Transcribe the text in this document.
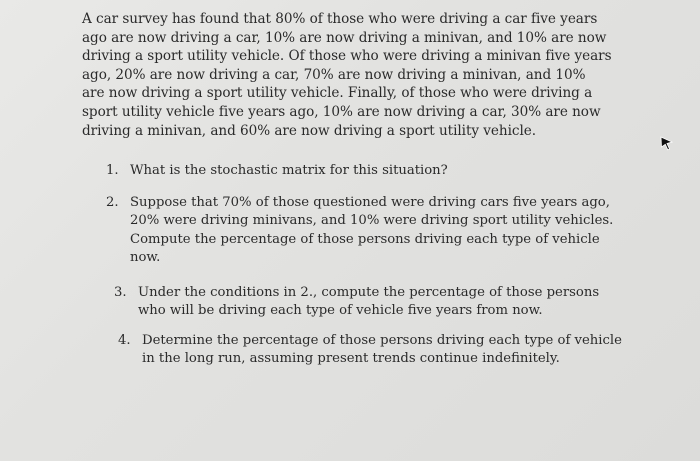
A car survey has found that 80% of those who were driving a car five years
ago are now driving a car, 10% are now driving a minivan, and 10% are now
driving a sport utility vehicle. Of those who were driving a minivan five years
ago, 20% are now driving a car, 70% are now driving a minivan, and 10%
are now driving a sport utility vehicle. Finally, of those who were driving a
sport utility vehicle five years ago, 10% are now driving a car, 30% are now
driving a minivan, and 60% are now driving a sport utility vehicle.
1. What is the stochastic matrix for this situation?
2. Suppose that 70% of those questioned were driving cars five years ago,
20% were driving minivans, and 10% were driving sport utility vehicles.
Compute the percentage of those persons driving each type of vehicle
now.
3. Under the conditions in 2., compute the percentage of those persons
who will be driving each type of vehicle five years from now.
4. Determine the percentage of those persons driving each type of vehicle
in the long run, assuming present trends continue indefinitely.
